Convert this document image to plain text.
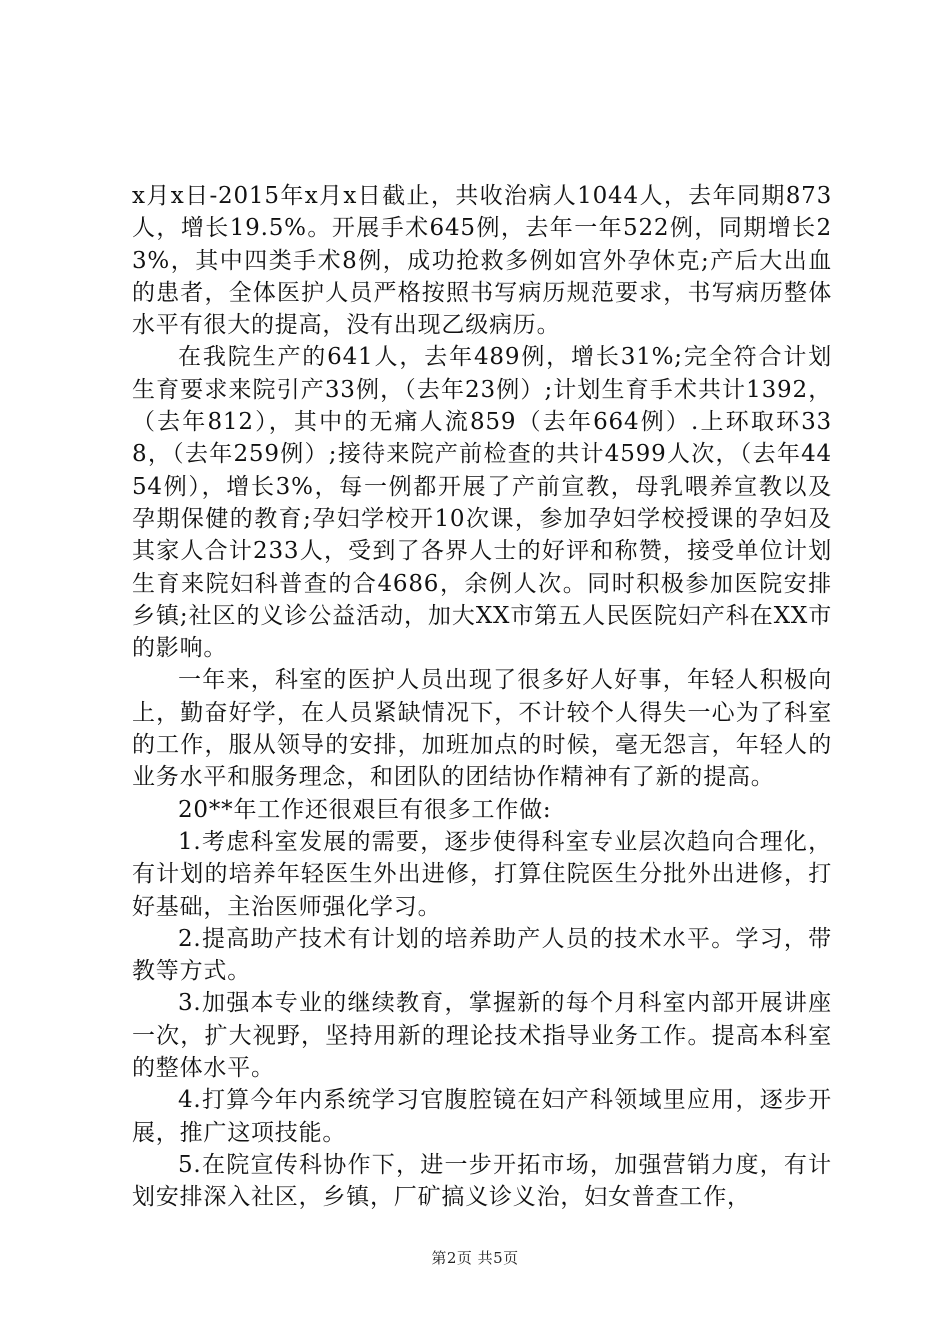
x月x日-2015年x月x日截止，共收治病人1044人，去年同期873人，增长19.5%。开展手术645例，去年一年522例，同期增长23%，其中四类手术8例，成功抢救多例如宫外孕休克;产后大出血的患者，全体医护人员严格按照书写病历规范要求，书写病历整体水平有很大的提高，没有出现乙级病历。

在我院生产的641人，去年489例，增长31%;完全符合计划生育要求来院引产33例，（去年23例）;计划生育手术共计1392，（去年812），其中的无痛人流859（去年664例）.上环取环338，（去年259例）;接待来院产前检查的共计4599人次，（去年4454例），增长3%，每一例都开展了产前宣教，母乳喂养宣教以及孕期保健的教育;孕妇学校开10次课，参加孕妇学校授课的孕妇及其家人合计233人，受到了各界人士的好评和称赞，接受单位计划生育来院妇科普查的合4686，余例人次。同时积极参加医院安排乡镇;社区的义诊公益活动，加大XX市第五人民医院妇产科在XX市的影响。

一年来，科室的医护人员出现了很多好人好事，年轻人积极向上，勤奋好学，在人员紧缺情况下，不计较个人得失一心为了科室的工作，服从领导的安排，加班加点的时候，毫无怨言，年轻人的业务水平和服务理念，和团队的团结协作精神有了新的提高。

20**年工作还很艰巨有很多工作做:

1.考虑科室发展的需要，逐步使得科室专业层次趋向合理化，有计划的培养年轻医生外出进修，打算住院医生分批外出进修，打好基础，主治医师强化学习。

2.提高助产技术有计划的培养助产人员的技术水平。学习，带教等方式。

3.加强本专业的继续教育，掌握新的每个月科室内部开展讲座一次，扩大视野，坚持用新的理论技术指导业务工作。提高本科室的整体水平。

4.打算今年内系统学习官腹腔镜在妇产科领域里应用，逐步开展，推广这项技能。

5.在院宣传科协作下，进一步开拓市场，加强营销力度，有计划安排深入社区，乡镇，厂矿搞义诊义治，妇女普查工作，

第2页 共5页
